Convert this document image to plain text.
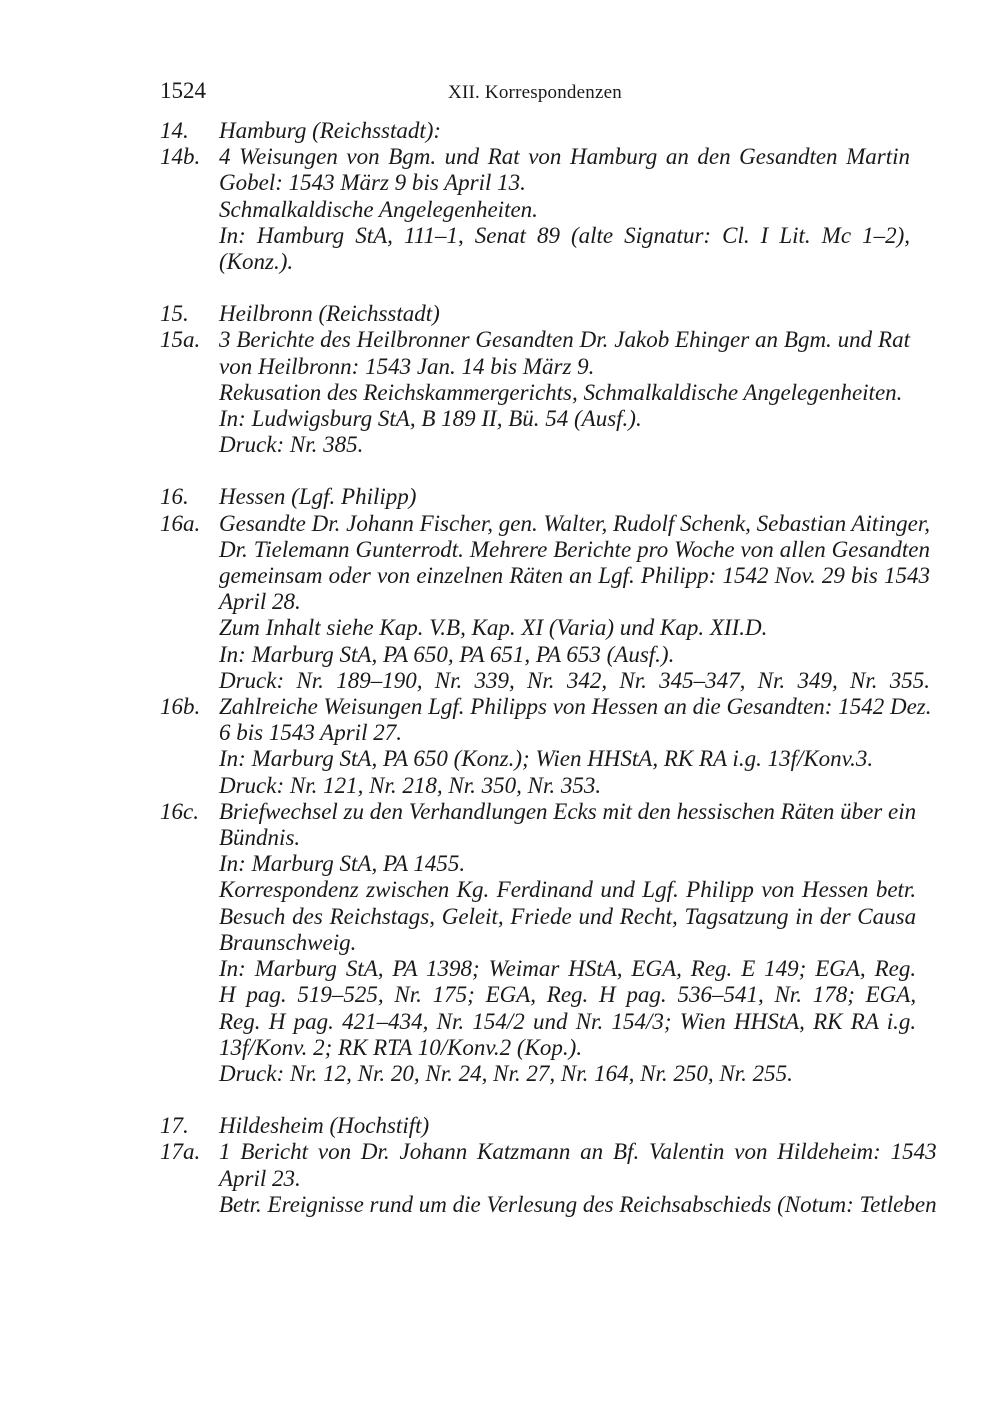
1524	XII. Korrespondenzen
14.	Hamburg (Reichsstadt):
14b. 4 Weisungen von Bgm. und Rat von Hamburg an den Gesandten Martin
Gobel: 1543 März 9 bis April 13.
Schmalkaldische Angelegenheiten.
In: Hamburg StA, 111–1, Senat 89 (alte Signatur: Cl. I Lit. Mc 1–2),
(Konz.).
15.	Heilbronn (Reichsstadt)
15a. 3 Berichte des Heilbronner Gesandten Dr. Jakob Ehinger an Bgm. und Rat
von Heilbronn: 1543 Jan. 14 bis März 9.
Rekusation des Reichskammergerichts, Schmalkaldische Angelegenheiten.
In: Ludwigsburg StA, B 189 II, Bü. 54 (Ausf.).
Druck: Nr. 385.
16.	Hessen (Lgf. Philipp)
16a. Gesandte Dr. Johann Fischer, gen. Walter, Rudolf Schenk, Sebastian Aitinger,
Dr. Tielemann Gunterrodt. Mehrere Berichte pro Woche von allen Gesandten
gemeinsam oder von einzelnen Räten an Lgf. Philipp: 1542 Nov. 29 bis 1543
April 28.
Zum Inhalt siehe Kap. V.B, Kap. XI (Varia) und Kap. XII.D.
In: Marburg StA, PA 650, PA 651, PA 653 (Ausf.).
Druck: Nr. 189–190, Nr. 339, Nr. 342, Nr. 345–347, Nr. 349, Nr. 355.
16b. Zahlreiche Weisungen Lgf. Philipps von Hessen an die Gesandten: 1542 Dez.
6 bis 1543 April 27.
In: Marburg StA, PA 650 (Konz.); Wien HHStA, RK RA i.g. 13f/Konv.3.
Druck: Nr. 121, Nr. 218, Nr. 350, Nr. 353.
16c. Briefwechsel zu den Verhandlungen Ecks mit den hessischen Räten über ein
Bündnis.
In: Marburg StA, PA 1455.
Korrespondenz zwischen Kg. Ferdinand und Lgf. Philipp von Hessen betr.
Besuch des Reichstags, Geleit, Friede und Recht, Tagsatzung in der Causa
Braunschweig.
In: Marburg StA, PA 1398; Weimar HStA, EGA, Reg. E 149; EGA, Reg.
H pag. 519–525, Nr. 175; EGA, Reg. H pag. 536–541, Nr. 178; EGA,
Reg. H pag. 421–434, Nr. 154/2 und Nr. 154/3; Wien HHStA, RK RA i.g.
13f/Konv. 2; RK RTA 10/Konv.2 (Kop.).
Druck: Nr. 12, Nr. 20, Nr. 24, Nr. 27, Nr. 164, Nr. 250, Nr. 255.
17.	Hildesheim (Hochstift)
17a. 1 Bericht von Dr. Johann Katzmann an Bf. Valentin von Hildeheim: 1543
April 23.
Betr. Ereignisse rund um die Verlesung des Reichsabschieds (Notum: Tetleben
